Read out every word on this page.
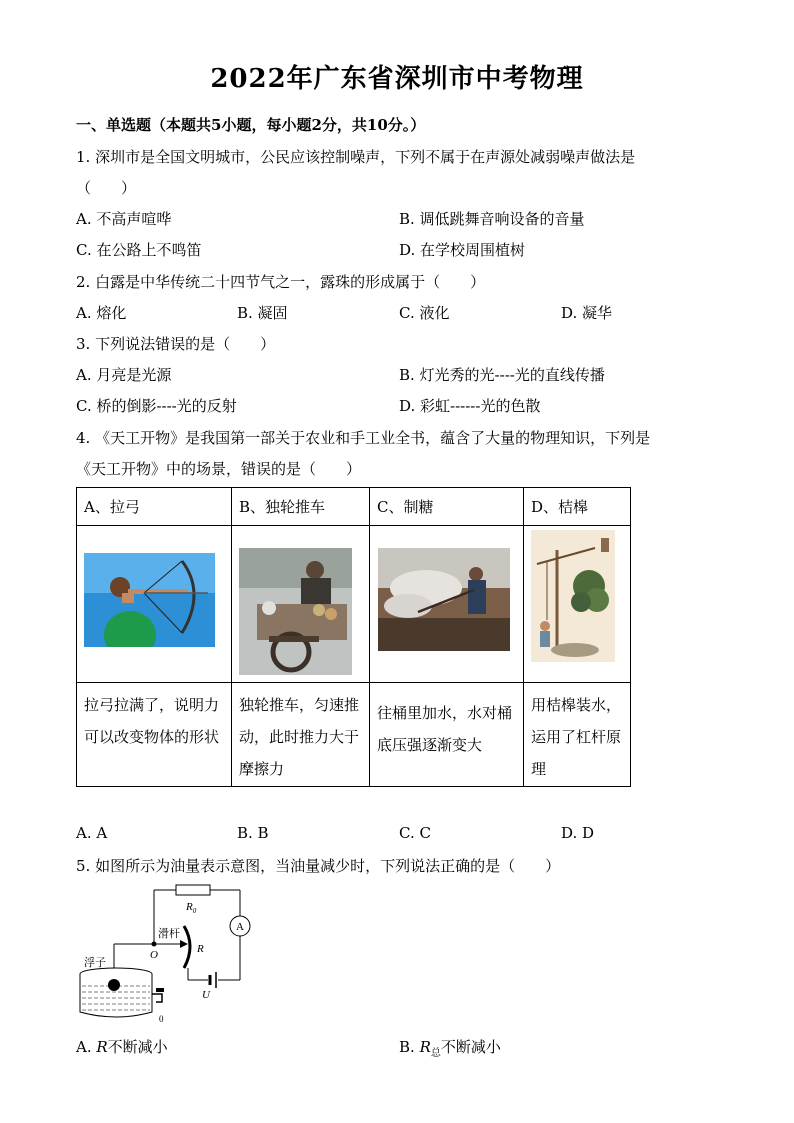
2022年广东省深圳市中考物理
一、单选题（本题共5小题，每小题2分，共10分。）
1. 深圳市是全国文明城市，公民应该控制噪声，下列不属于在声源处减弱噪声做法是
（　　）
A. 不高声喧哗	B. 调低跳舞音响设备的音量
C. 在公路上不鸣笛	D. 在学校周围植树
2. 白露是中华传统二十四节气之一，露珠的形成属于（　　）
A. 熔化	B. 凝固	C. 液化	D. 凝华
3. 下列说法错误的是（　　）
A. 月亮是光源	B. 灯光秀的光----光的直线传播
C. 桥的倒影----光的反射	D. 彩虹------光的色散
4. 《天工开物》是我国第一部关于农业和手工业全书，蕴含了大量的物理知识，下列是
《天工开物》中的场景，错误的是（　　）
A、拉弓	B、独轮推车	C、制糖	D、桔槔

拉弓拉满了，说明力可以改变物体的形状	独轮推车，匀速推动，此时推力大于摩擦力	往桶里加水，水对桶底压强逐渐变大	用桔槔装水，运用了杠杆原理
A. A	B. B	C. C	D. D
5. 如图所示为油量表示意图，当油量减少时，下列说法正确的是（　　）
$R_0$
A
U
R
滑杆
O
浮子
0
A. R不断减小	B. $R_总$不断减小
